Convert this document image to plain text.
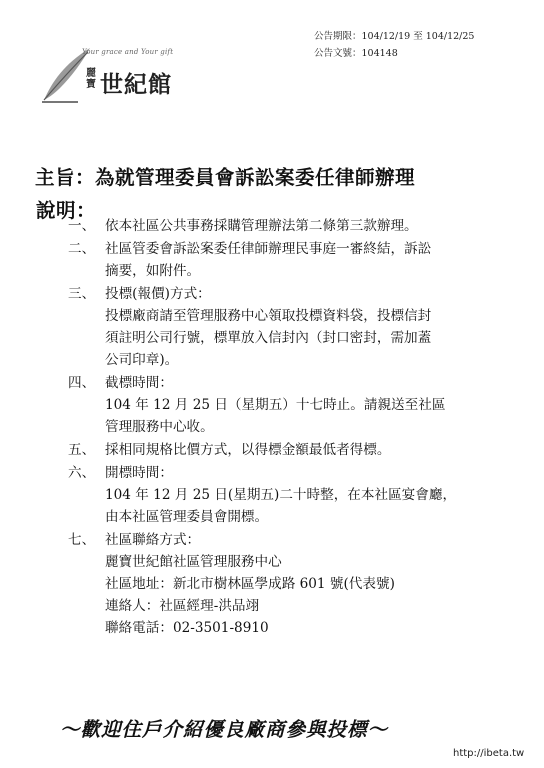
公告期限：104/12/19 至 104/12/25
公告文號：104148
Your grace and Your gift
麗寶 世紀館
主旨：為就管理委員會訴訟案委任律師辦理
說明：
一、 依本社區公共事務採購管理辦法第二條第三款辦理。
二、 社區管委會訴訟案委任律師辦理民事庭一審終結，訴訟
摘要，如附件。
三、 投標(報價)方式：
投標廠商請至管理服務中心領取投標資料袋，投標信封
須註明公司行號，標單放入信封內（封口密封，需加蓋
公司印章)。
四、 截標時間：
104 年 12 月 25 日（星期五）十七時止。請親送至社區
管理服務中心收。
五、 採相同規格比價方式，以得標金額最低者得標。
六、 開標時間：
104 年 12 月 25 日(星期五)二十時整，在本社區宴會廳，
由本社區管理委員會開標。
七、 社區聯絡方式：
麗寶世紀館社區管理服務中心
社區地址：新北市樹林區學成路 601 號(代表號)
連絡人：社區經理-洪品翊
聯絡電話：02-3501-8910
～歡迎住戶介紹優良廠商參與投標～
http://ibeta.tw
